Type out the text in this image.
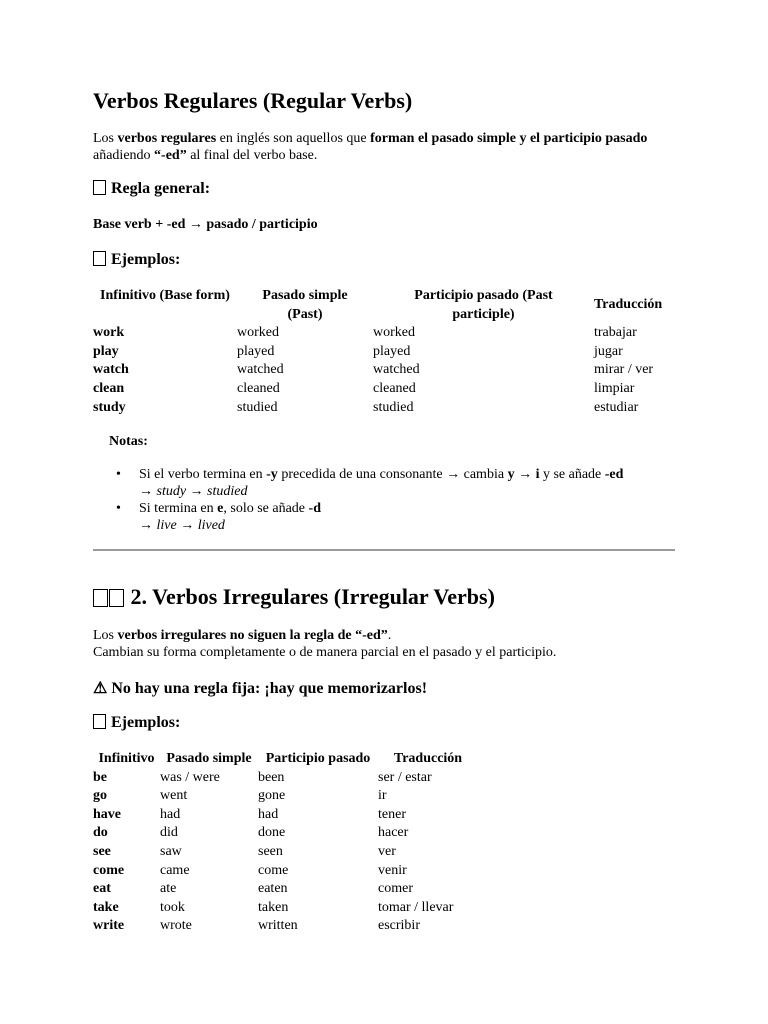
Verbos Regulares (Regular Verbs)

Los verbos regulares en inglés son aquellos que forman el pasado simple y el participio pasado añadiendo “-ed” al final del verbo base.

Regla general:

Base verb + -ed → pasado / participio

Ejemplos:
Infinitivo (Base form)	Pasado simple (Past)	Participio pasado (Past participle)	Traducción
work	worked	worked	trabajar
play	played	played	jugar
watch	watched	watched	mirar / ver
clean	cleaned	cleaned	limpiar
study	studied	studied	estudiar

Notas:

• Si el verbo termina en -y precedida de una consonante → cambia y → i y se añade -ed
→ study → studied
• Si termina en e, solo se añade -d
→ live → lived
2. Verbos Irregulares (Irregular Verbs)

Los verbos irregulares no siguen la regla de “-ed”.
Cambian su forma completamente o de manera parcial en el pasado y el participio.

⚠ No hay una regla fija: ¡hay que memorizarlos!
Ejemplos:
Infinitivo	Pasado simple	Participio pasado	Traducción
be	was / were	been	ser / estar
go	went	gone	ir
have	had	had	tener
do	did	done	hacer
see	saw	seen	ver
come	came	come	venir
eat	ate	eaten	comer
take	took	taken	tomar / llevar
write	wrote	written	escribir
